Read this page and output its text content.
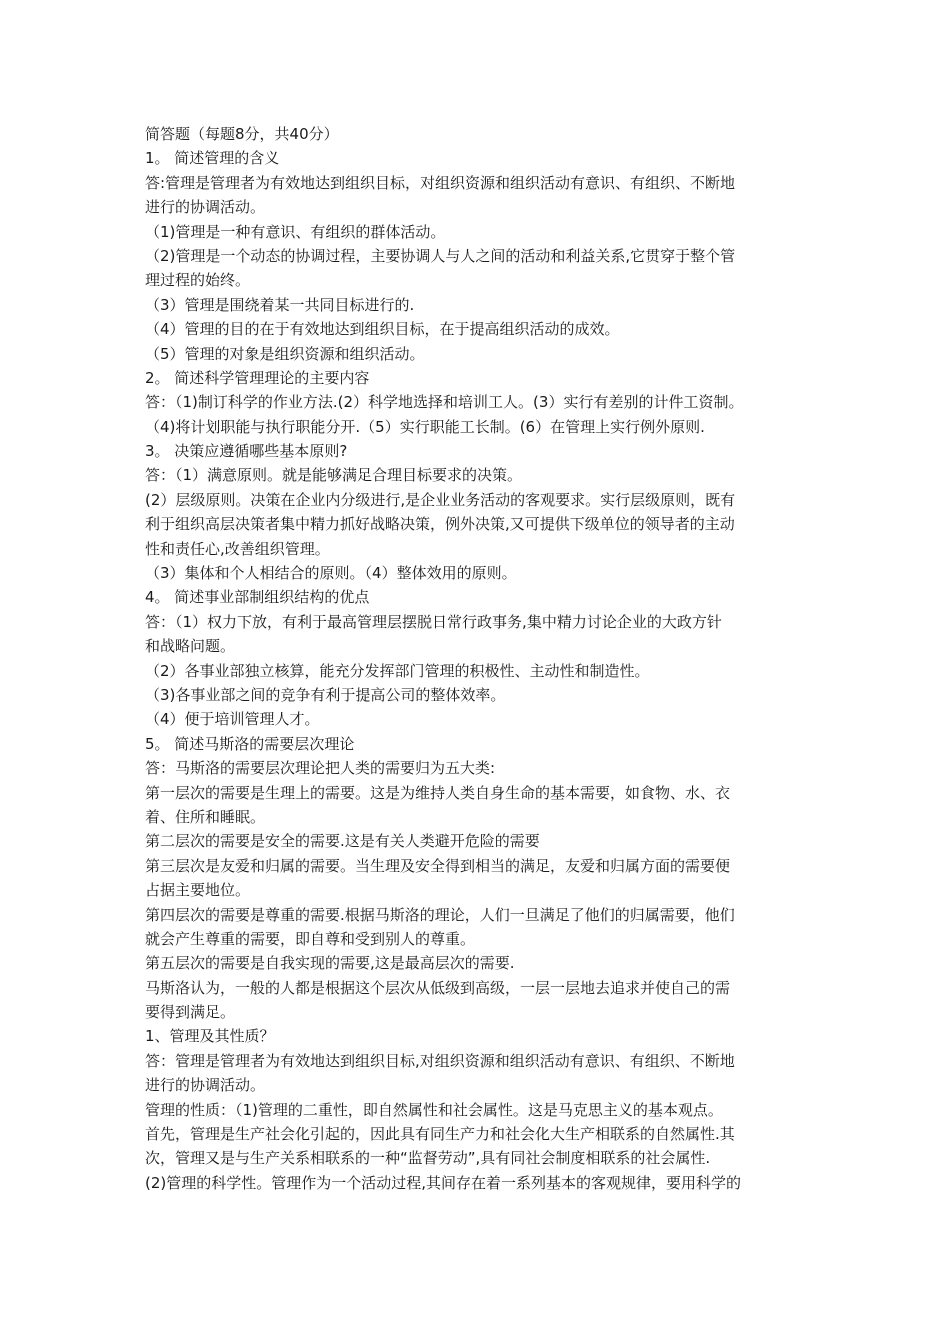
简答题（每题8分，共40分）
1。 简述管理的含义
答:管理是管理者为有效地达到组织目标，对组织资源和组织活动有意识、有组织、不断地
进行的协调活动。
（1)管理是一种有意识、有组织的群体活动。
（2)管理是一个动态的协调过程，主要协调人与人之间的活动和利益关系,它贯穿于整个管
理过程的始终。
（3）管理是围绕着某一共同目标进行的.
（4）管理的目的在于有效地达到组织目标，在于提高组织活动的成效。
（5）管理的对象是组织资源和组织活动。
2。 简述科学管理理论的主要内容
答：（1)制订科学的作业方法.(2）科学地选择和培训工人。(3）实行有差别的计件工资制。
（4)将计划职能与执行职能分开.（5）实行职能工长制。(6）在管理上实行例外原则.
3。 决策应遵循哪些基本原则?
答：（1）满意原则。就是能够满足合理目标要求的决策。
(2）层级原则。决策在企业内分级进行,是企业业务活动的客观要求。实行层级原则，既有
利于组织高层决策者集中精力抓好战略决策，例外决策,又可提供下级单位的领导者的主动
性和责任心,改善组织管理。
（3）集体和个人相结合的原则。（4）整体效用的原则。
4。 简述事业部制组织结构的优点
答：（1）权力下放，有利于最高管理层摆脱日常行政事务,集中精力讨论企业的大政方针
和战略问题。
（2）各事业部独立核算，能充分发挥部门管理的积极性、主动性和制造性。
（3)各事业部之间的竞争有利于提高公司的整体效率。
（4）便于培训管理人才。
5。 简述马斯洛的需要层次理论
答：马斯洛的需要层次理论把人类的需要归为五大类:
第一层次的需要是生理上的需要。这是为维持人类自身生命的基本需要，如食物、水、衣
着、住所和睡眠。
第二层次的需要是安全的需要.这是有关人类避开危险的需要
第三层次是友爱和归属的需要。当生理及安全得到相当的满足，友爱和归属方面的需要便
占据主要地位。
第四层次的需要是尊重的需要.根据马斯洛的理论，人们一旦满足了他们的归属需要，他们
就会产生尊重的需要，即自尊和受到别人的尊重。
第五层次的需要是自我实现的需要,这是最高层次的需要.
马斯洛认为，一般的人都是根据这个层次从低级到高级，一层一层地去追求并使自己的需
要得到满足。
1、管理及其性质？
答：管理是管理者为有效地达到组织目标,对组织资源和组织活动有意识、有组织、不断地
进行的协调活动。
管理的性质：（1)管理的二重性，即自然属性和社会属性。这是马克思主义的基本观点。
首先，管理是生产社会化引起的，因此具有同生产力和社会化大生产相联系的自然属性.其
次，管理又是与生产关系相联系的一种“监督劳动”,具有同社会制度相联系的社会属性.
(2)管理的科学性。管理作为一个活动过程,其间存在着一系列基本的客观规律，要用科学的
